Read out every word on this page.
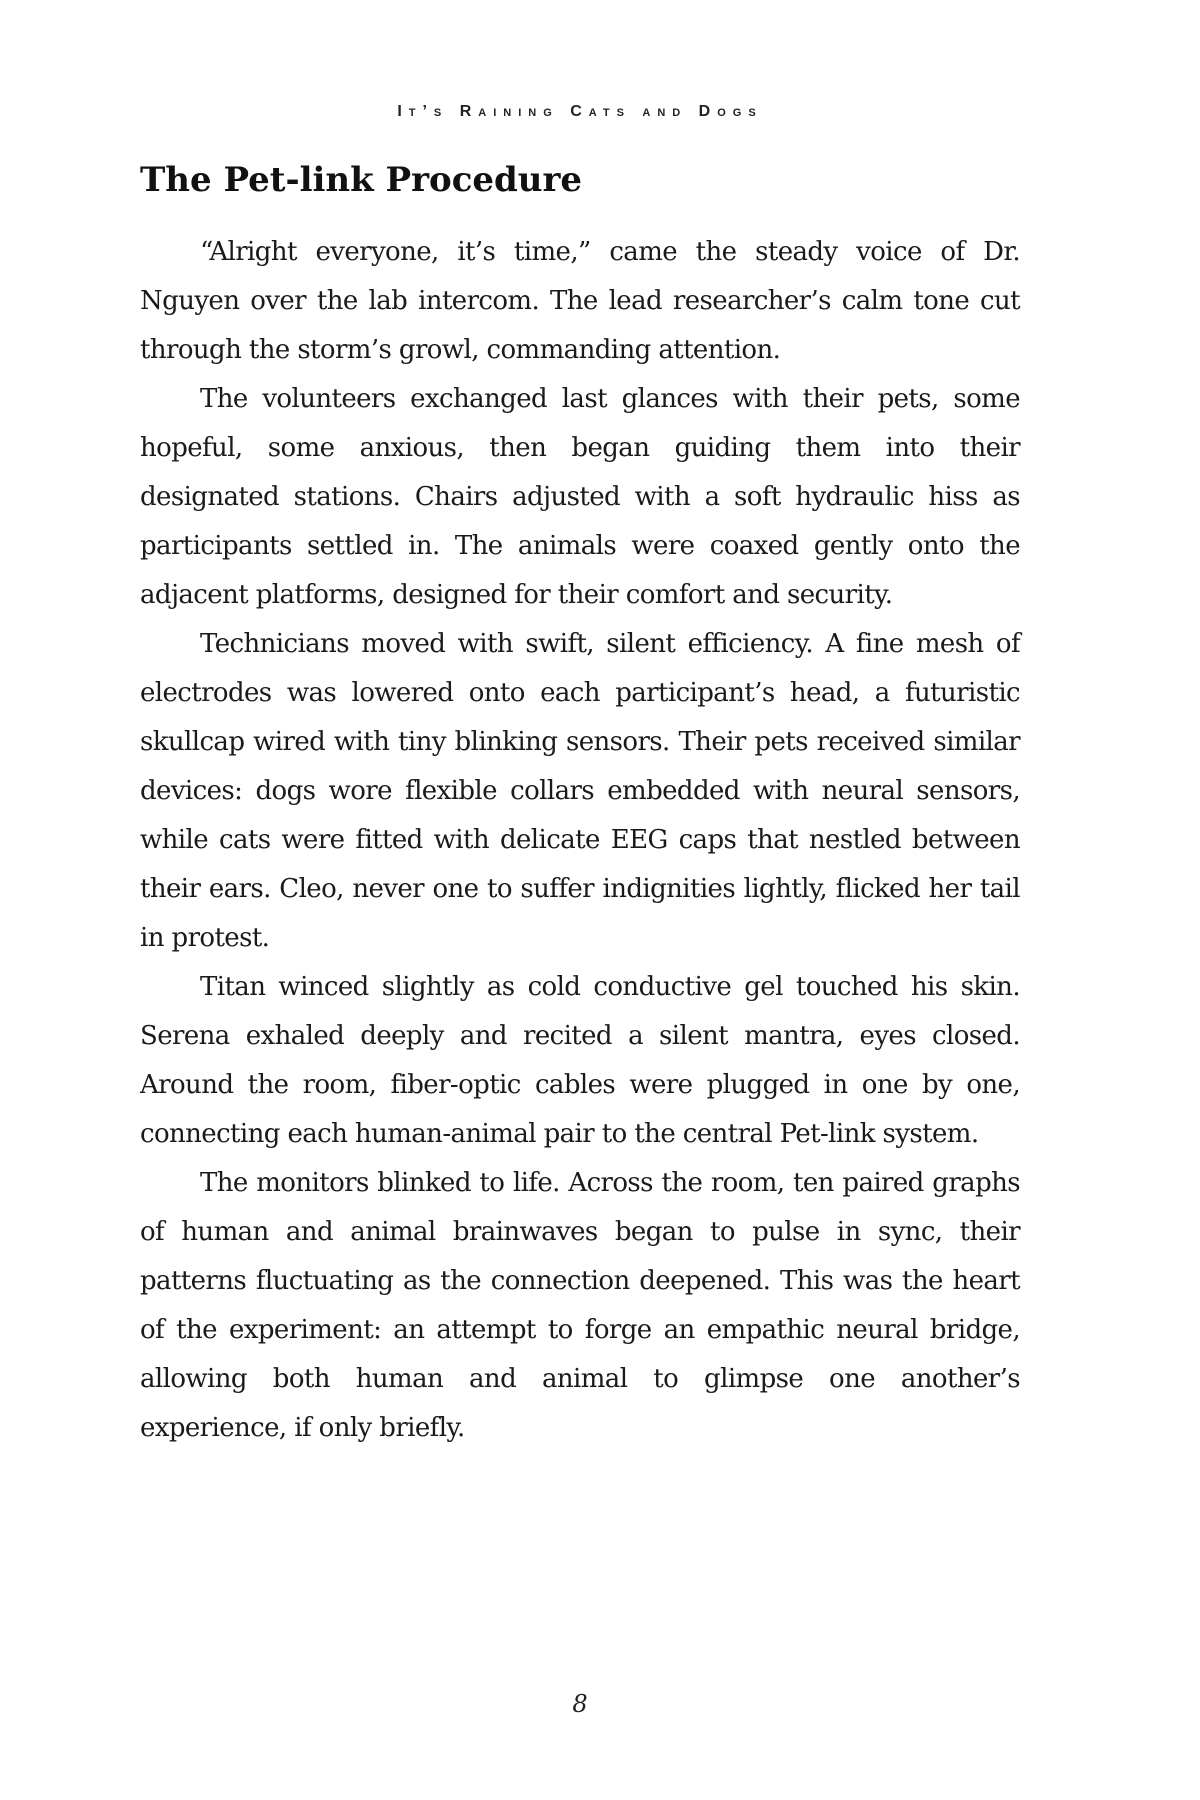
It’s Raining Cats and Dogs
The Pet-link Procedure

“Alright everyone, it’s time,” came the steady voice of Dr. Nguyen over the lab intercom. The lead researcher’s calm tone cut through the storm’s growl, commanding attention.

The volunteers exchanged last glances with their pets, some hopeful, some anxious, then began guiding them into their designated stations. Chairs adjusted with a soft hydraulic hiss as participants settled in. The animals were coaxed gently onto the adjacent platforms, designed for their comfort and security.

Technicians moved with swift, silent efficiency. A fine mesh of electrodes was lowered onto each participant’s head, a futuristic skullcap wired with tiny blinking sensors. Their pets received similar devices: dogs wore flexible collars embedded with neural sensors, while cats were fitted with delicate EEG caps that nestled between their ears. Cleo, never one to suffer indignities lightly, flicked her tail in protest.

Titan winced slightly as cold conductive gel touched his skin. Serena exhaled deeply and recited a silent mantra, eyes closed. Around the room, fiber-optic cables were plugged in one by one, connecting each human-animal pair to the central Pet-link system.

The monitors blinked to life. Across the room, ten paired graphs of human and animal brainwaves began to pulse in sync, their patterns fluctuating as the connection deepened. This was the heart of the experiment: an attempt to forge an empathic neural bridge, allowing both human and animal to glimpse one another’s experience, if only briefly.

8
